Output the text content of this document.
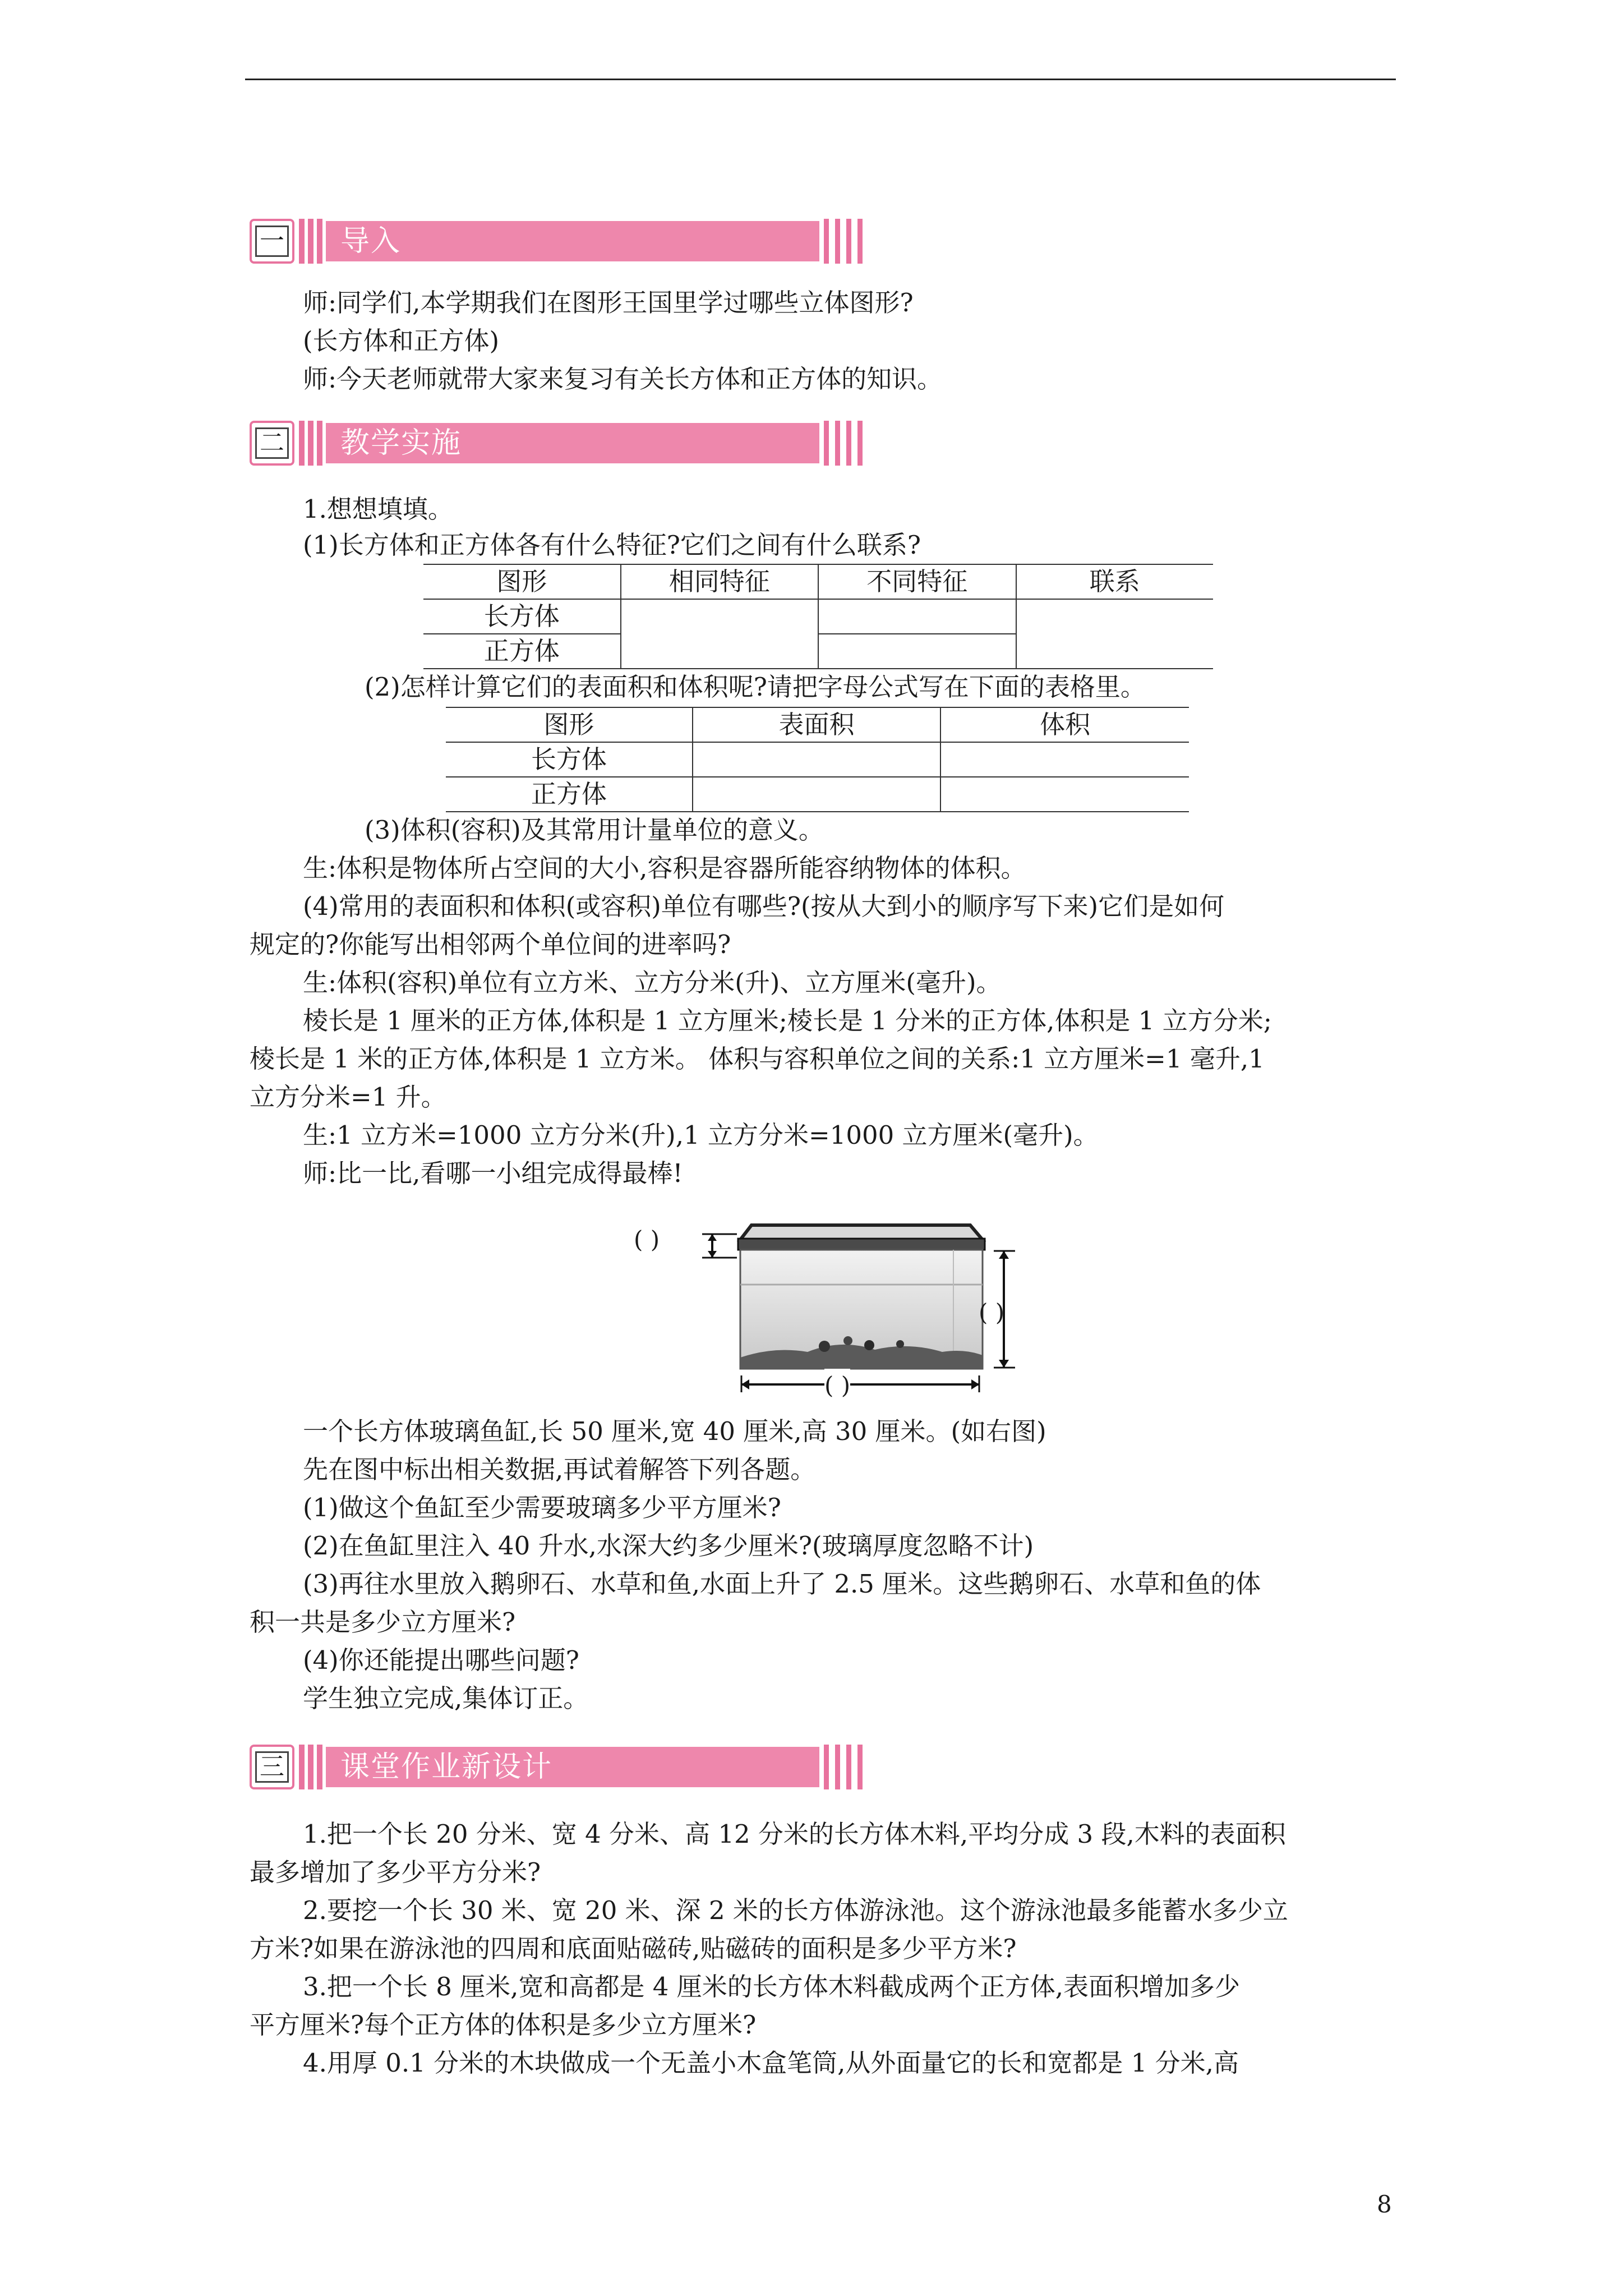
一	导入
师:同学们,本学期我们在图形王国里学过哪些立体图形?
(长方体和正方体)
师:今天老师就带大家来复习有关长方体和正方体的知识。
二	教学实施
1.想想填填。
(1)长方体和正方体各有什么特征?它们之间有什么联系?
图形	相同特征	不同特征	联系
长方体			
正方体			
(2)怎样计算它们的表面积和体积呢?请把字母公式写在下面的表格里。
图形	表面积	体积
长方体		
正方体		
(3)体积(容积)及其常用计量单位的意义。
生:体积是物体所占空间的大小,容积是容器所能容纳物体的体积。
(4)常用的表面积和体积(或容积)单位有哪些?(按从大到小的顺序写下来)它们是如何
规定的?你能写出相邻两个单位间的进率吗?
生:体积(容积)单位有立方米、立方分米(升)、立方厘米(毫升)。
棱长是 1 厘米的正方体,体积是 1 立方厘米;棱长是 1 分米的正方体,体积是 1 立方分米;
棱长是 1 米的正方体,体积是 1 立方米。 体积与容积单位之间的关系:1 立方厘米=1 毫升,1
立方分米=1 升。
生:1 立方米=1000 立方分米(升),1 立方分米=1000 立方厘米(毫升)。
师:比一比,看哪一小组完成得最棒!
( )
( )
( )
一个长方体玻璃鱼缸,长 50 厘米,宽 40 厘米,高 30 厘米。(如右图)
先在图中标出相关数据,再试着解答下列各题。
(1)做这个鱼缸至少需要玻璃多少平方厘米?
(2)在鱼缸里注入 40 升水,水深大约多少厘米?(玻璃厚度忽略不计)
(3)再往水里放入鹅卵石、水草和鱼,水面上升了 2.5 厘米。这些鹅卵石、水草和鱼的体
积一共是多少立方厘米?
(4)你还能提出哪些问题?
学生独立完成,集体订正。
三	课堂作业新设计
1.把一个长 20 分米、宽 4 分米、高 12 分米的长方体木料,平均分成 3 段,木料的表面积
最多增加了多少平方分米?
2.要挖一个长 30 米、宽 20 米、深 2 米的长方体游泳池。这个游泳池最多能蓄水多少立
方米?如果在游泳池的四周和底面贴磁砖,贴磁砖的面积是多少平方米?
3.把一个长 8 厘米,宽和高都是 4 厘米的长方体木料截成两个正方体,表面积增加多少
平方厘米?每个正方体的体积是多少立方厘米?
4.用厚 0.1 分米的木块做成一个无盖小木盒笔筒,从外面量它的长和宽都是 1 分米,高
8
